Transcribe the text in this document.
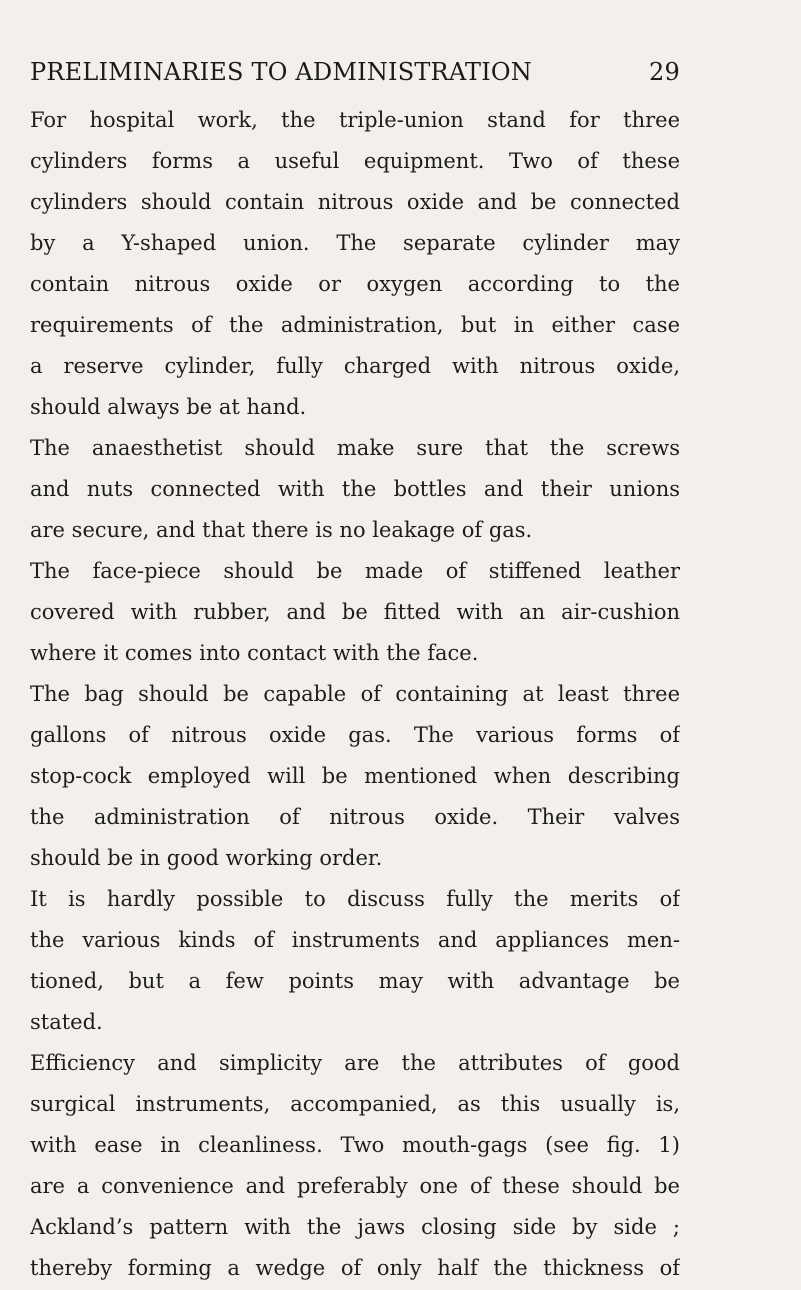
PRELIMINARIES TO ADMINISTRATION	29
For hospital work, the triple-union stand for three
cylinders forms a useful equipment. Two of these
cylinders should contain nitrous oxide and be connected
by a Y-shaped union. The separate cylinder may
contain nitrous oxide or oxygen according to the
requirements of the administration, but in either case
a reserve cylinder, fully charged with nitrous oxide,
should always be at hand.
The anaesthetist should make sure that the screws
and nuts connected with the bottles and their unions
are secure, and that there is no leakage of gas.
The face-piece should be made of stiffened leather
covered with rubber, and be fitted with an air-cushion
where it comes into contact with the face.
The bag should be capable of containing at least three
gallons of nitrous oxide gas. The various forms of
stop-cock employed will be mentioned when describing
the administration of nitrous oxide. Their valves
should be in good working order.
It is hardly possible to discuss fully the merits of
the various kinds of instruments and appliances men-
tioned, but a few points may with advantage be
stated.
Efficiency and simplicity are the attributes of good
surgical instruments, accompanied, as this usually is,
with ease in cleanliness. Two mouth-gags (see fig. 1)
are a convenience and preferably one of these should be
Ackland’s pattern with the jaws closing side by side ;
thereby forming a wedge of only half the thickness of
